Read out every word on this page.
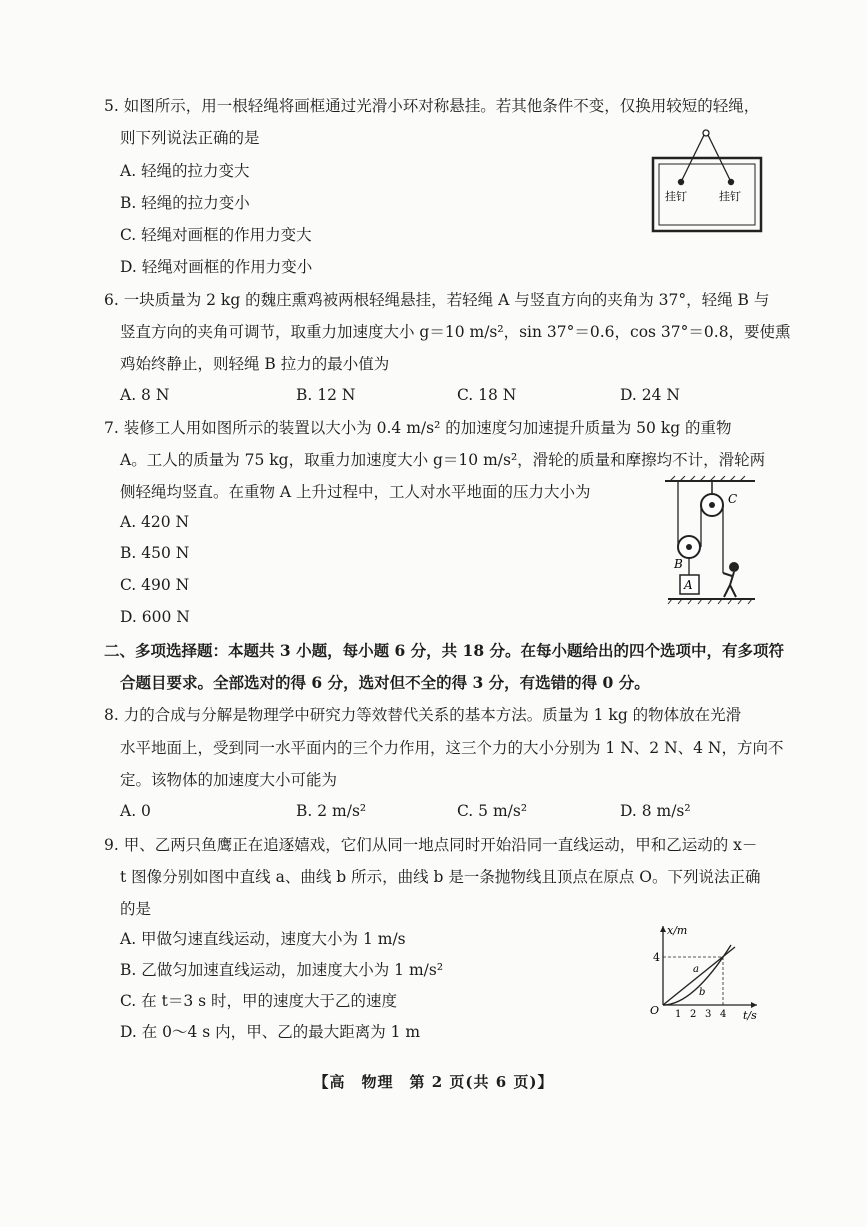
5. 如图所示，用一根轻绳将画框通过光滑小环对称悬挂。若其他条件不变，仅换用较短的轻绳，
则下列说法正确的是
A. 轻绳的拉力变大
B. 轻绳的拉力变小
C. 轻绳对画框的作用力变大
D. 轻绳对画框的作用力变小
挂钉	挂钉
6. 一块质量为 2 kg 的魏庄熏鸡被两根轻绳悬挂，若轻绳 A 与竖直方向的夹角为 37°，轻绳 B 与
竖直方向的夹角可调节，取重力加速度大小 g＝10 m/s²，sin 37°＝0.6，cos 37°＝0.8，要使熏
鸡始终静止，则轻绳 B 拉力的最小值为
A. 8 N	B. 12 N	C. 18 N	D. 24 N
7. 装修工人用如图所示的装置以大小为 0.4 m/s² 的加速度匀加速提升质量为 50 kg 的重物
A。工人的质量为 75 kg，取重力加速度大小 g＝10 m/s²，滑轮的质量和摩擦均不计，滑轮两
侧轻绳均竖直。在重物 A 上升过程中，工人对水平地面的压力大小为
A. 420 N
B. 450 N
C. 490 N
D. 600 N
C
B
A
二、多项选择题：本题共 3 小题，每小题 6 分，共 18 分。在每小题给出的四个选项中，有多项符
合题目要求。全部选对的得 6 分，选对但不全的得 3 分，有选错的得 0 分。
8. 力的合成与分解是物理学中研究力等效替代关系的基本方法。质量为 1 kg 的物体放在光滑
水平地面上，受到同一水平面内的三个力作用，这三个力的大小分别为 1 N、2 N、4 N，方向不
定。该物体的加速度大小可能为
A. 0	B. 2 m/s²	C. 5 m/s²	D. 8 m/s²
9. 甲、乙两只鱼鹰正在追逐嬉戏，它们从同一地点同时开始沿同一直线运动，甲和乙运动的 x－
t 图像分别如图中直线 a、曲线 b 所示，曲线 b 是一条抛物线且顶点在原点 O。下列说法正确
的是
A. 甲做匀速直线运动，速度大小为 1 m/s
B. 乙做匀加速直线运动，加速度大小为 1 m/s²
C. 在 t＝3 s 时，甲的速度大于乙的速度
D. 在 0～4 s 内，甲、乙的最大距离为 1 m
x/m
t/s
O
4
1 2 3 4
a
b
【高　物理　第 2 页(共 6 页)】
